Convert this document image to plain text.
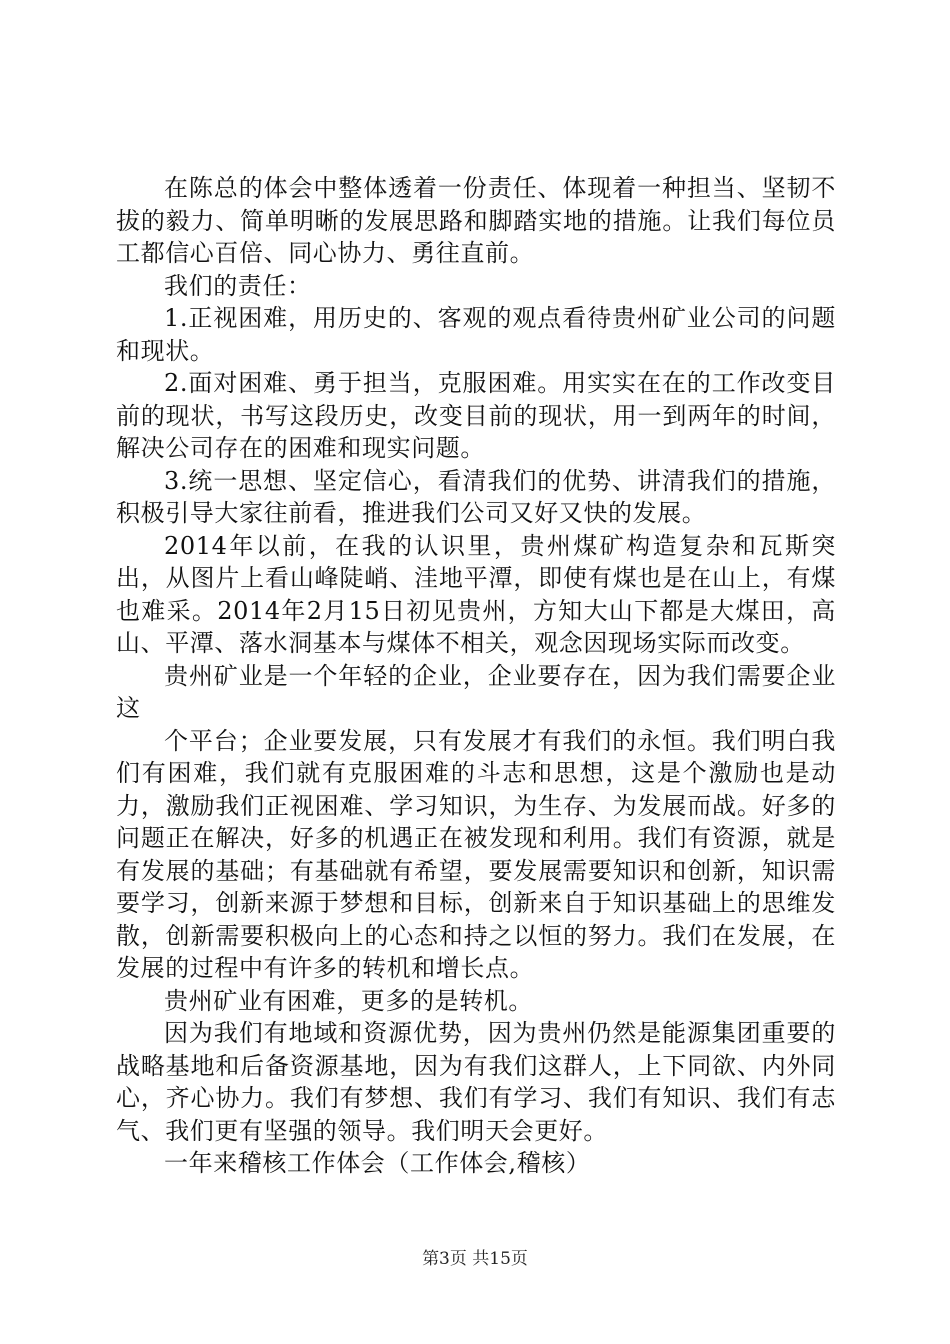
在陈总的体会中整体透着一份责任、体现着一种担当、坚韧不拔的毅力、简单明晰的发展思路和脚踏实地的措施。让我们每位员工都信心百倍、同心协力、勇往直前。

我们的责任：

1.正视困难，用历史的、客观的观点看待贵州矿业公司的问题和现状。

2.面对困难、勇于担当，克服困难。用实实在在的工作改变目前的现状，书写这段历史，改变目前的现状，用一到两年的时间，解决公司存在的困难和现实问题。

3.统一思想、坚定信心，看清我们的优势、讲清我们的措施，积极引导大家往前看，推进我们公司又好又快的发展。

2014年以前，在我的认识里，贵州煤矿构造复杂和瓦斯突出，从图片上看山峰陡峭、洼地平潭，即使有煤也是在山上，有煤也难采。2014年2月15日初见贵州，方知大山下都是大煤田，高山、平潭、落水洞基本与煤体不相关，观念因现场实际而改变。

贵州矿业是一个年轻的企业，企业要存在，因为我们需要企业这

个平台；企业要发展，只有发展才有我们的永恒。我们明白我们有困难，我们就有克服困难的斗志和思想，这是个激励也是动力，激励我们正视困难、学习知识，为生存、为发展而战。好多的问题正在解决，好多的机遇正在被发现和利用。我们有资源，就是有发展的基础；有基础就有希望，要发展需要知识和创新，知识需要学习，创新来源于梦想和目标，创新来自于知识基础上的思维发散，创新需要积极向上的心态和持之以恒的努力。我们在发展，在发展的过程中有许多的转机和增长点。

贵州矿业有困难，更多的是转机。

因为我们有地域和资源优势，因为贵州仍然是能源集团重要的战略基地和后备资源基地，因为有我们这群人，上下同欲、内外同心，齐心协力。我们有梦想、我们有学习、我们有知识、我们有志气、我们更有坚强的领导。我们明天会更好。

一年来稽核工作体会（工作体会,稽核）

第3页 共15页
